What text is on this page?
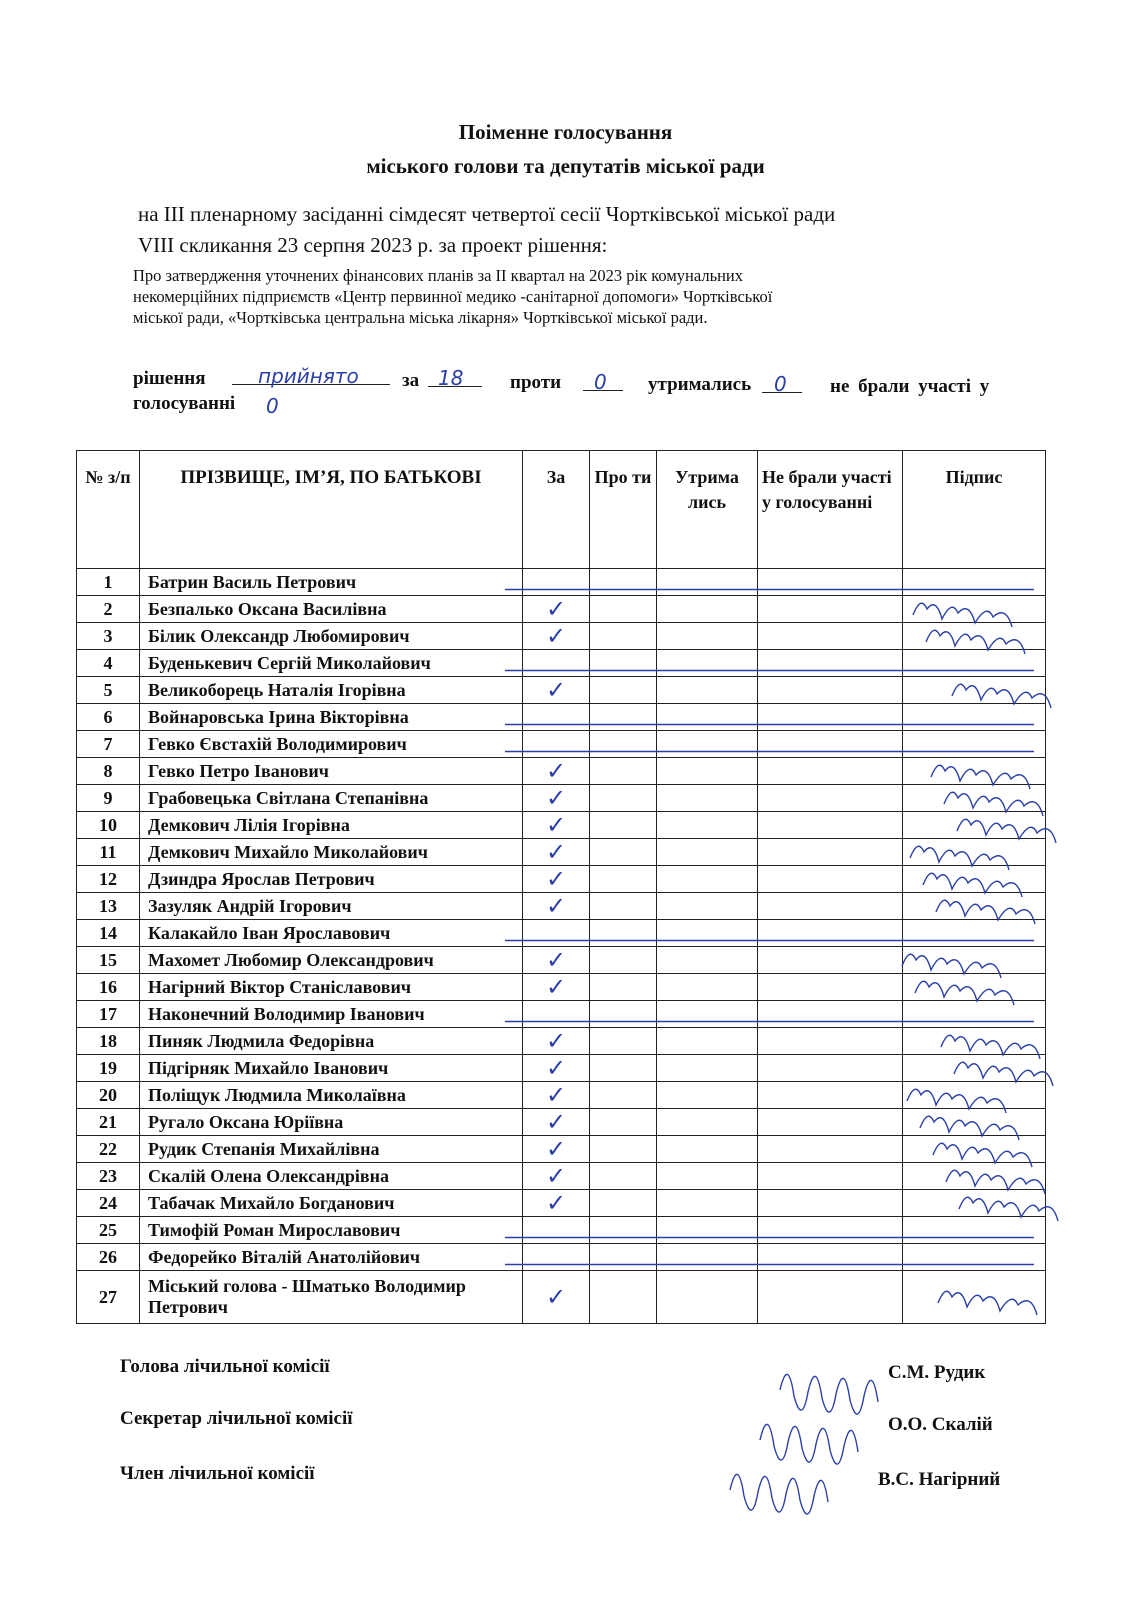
Поіменне голосування
міського голови та депутатів міської ради
на ІІІ пленарному засіданні сімдесят четвертої сесії Чортківської міської ради
VІІІ скликання 23 серпня 2023 р. за проект рішення:
Про затвердження уточнених фінансових планів за ІІ квартал на 2023 рік комунальних
некомерційних підприємств «Центр первинної медико -санітарної допомоги» Чортківської
міської ради, «Чортківська центральна міська лікарня» Чортківської міської ради.
рішення	прийнято за 18 проти 0 утримались 0 не брали участі у
голосуванні 0
№ з/п	ПРІЗВИЩЕ, ІМ’Я, ПО БАТЬКОВІ	За	Про ти	Утрима лись	Не брали участі у голосуванні	Підпис
1	Батрин Василь Петрович					
2	Безпалько Оксана Василівна	✓				
3	Білик Олександр Любомирович	✓				
4	Буденькевич Сергій Миколайович					
5	Великоборець Наталія Ігорівна	✓				
6	Войнаровська Ірина Вікторівна					
7	Гевко Євстахій Володимирович					
8	Гевко Петро Іванович	✓				
9	Грабовецька Світлана Степанівна	✓				
10	Демкович Лілія Ігорівна	✓				
11	Демкович Михайло Миколайович	✓				
12	Дзиндра Ярослав Петрович	✓				
13	Зазуляк Андрій Ігорович	✓				
14	Калакайло Іван Ярославович					
15	Махомет Любомир Олександрович	✓				
16	Нагірний Віктор Станіславович	✓				
17	Наконечний Володимир Іванович					
18	Пиняк Людмила Федорівна	✓				
19	Підгірняк Михайло Іванович	✓				
20	Поліщук Людмила Миколаївна	✓				
21	Ругало Оксана Юріївна	✓				
22	Рудик Степанія Михайлівна	✓				
23	Скалій Олена Олександрівна	✓				
24	Табачак Михайло Богданович	✓				
25	Тимофій Роман Мирославович					
26	Федорейко Віталій Анатолійович					
27	Міський голова - Шматько Володимир Петрович	✓				
Голова лічильної комісії	С.М. Рудик
Секретар лічильної комісії	О.О. Скалій
Член лічильної комісії	В.С. Нагірний
